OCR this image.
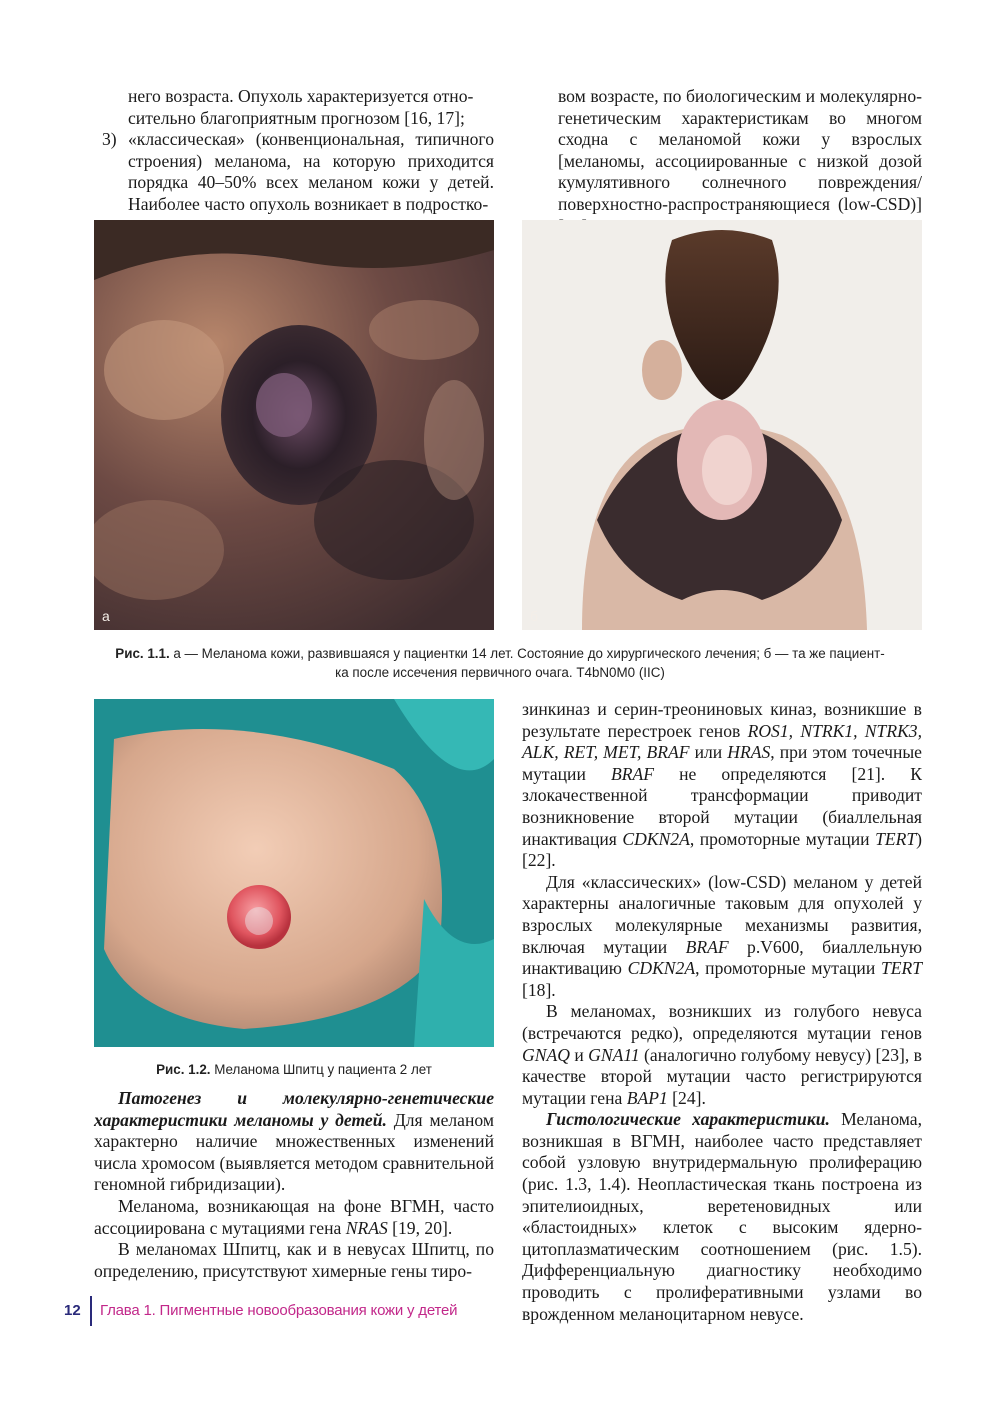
него возраста. Опухоль характеризуется отно-

сительно благоприятным прогнозом [16, 17];

3) «классическая» (конвенциональная, типичного строения) меланома, на которую приходится порядка 40–50% всех меланом кожи у детей. Наиболее часто опухоль возникает в подростко-

вом возрасте, по биологическим и молекулярно-генетическим характеристикам во многом сходна с меланомой кожи у взрослых [меланомы, ассоциированные с низкой дозой кумулятивного солнечного повреждения/поверхностно-распространяющиеся (low-CSD)]

а	б
Рис. 1.1. а — Меланома кожи, развившаяся у пациентки 14 лет. Состояние до хирургического лечения; б — та же пациент-
ка после иссечения первичного очага. T4bN0M0 (IIC)
Рис. 1.2. Меланома Шпитц у пациента 2 лет

Патогенез и молекулярно-генетические характеристики меланомы у детей. Для меланом характерно наличие множественных изменений числа хромосом (выявляется методом сравнительной геномной гибридизации).

Меланома, возникающая на фоне ВГМН, часто ассоциирована с мутациями гена NRAS [19, 20].

В меланомах Шпитц, как и в невусах Шпитц, по определению, присутствуют химерные гены тиро-

зинкиназ и серин-треониновых киназ, возникшие в результате перестроек генов ROS1, NTRK1, NTRK3, ALK, RET, MET, BRAF или HRAS, при этом точечные мутации BRAF не определяются [21]. К злокачественной трансформации приводит возникновение второй мутации (биаллельная инактивация CDKN2A, промоторные мутации TERT) [22].

Для «классических» (low-CSD) меланом у детей характерны аналогичные таковым для опухолей у взрослых молекулярные механизмы развития, включая мутации BRAF p.V600, биаллельную инактивацию CDKN2A, промоторные мутации TERT [18].

В меланомах, возникших из голубого невуса (встречаются редко), определяются мутации генов GNAQ и GNA11 (аналогично голубому невусу) [23], в качестве второй мутации часто регистрируются мутации гена BAP1 [24].

Гистологические характеристики. Меланома, возникшая в ВГМН, наиболее часто представляет собой узловую внутридермальную пролиферацию (рис. 1.3, 1.4). Неопластическая ткань построена из эпителиоидных, веретеновидных или «бластоидных» клеток с высоким ядерно-цитоплазматическим соотношением (рис. 1.5). Дифференциальную диагностику необходимо проводить с пролиферативными узлами во врожденном меланоцитарном невусе.

12 Глава 1. Пигментные новообразования кожи у детей
